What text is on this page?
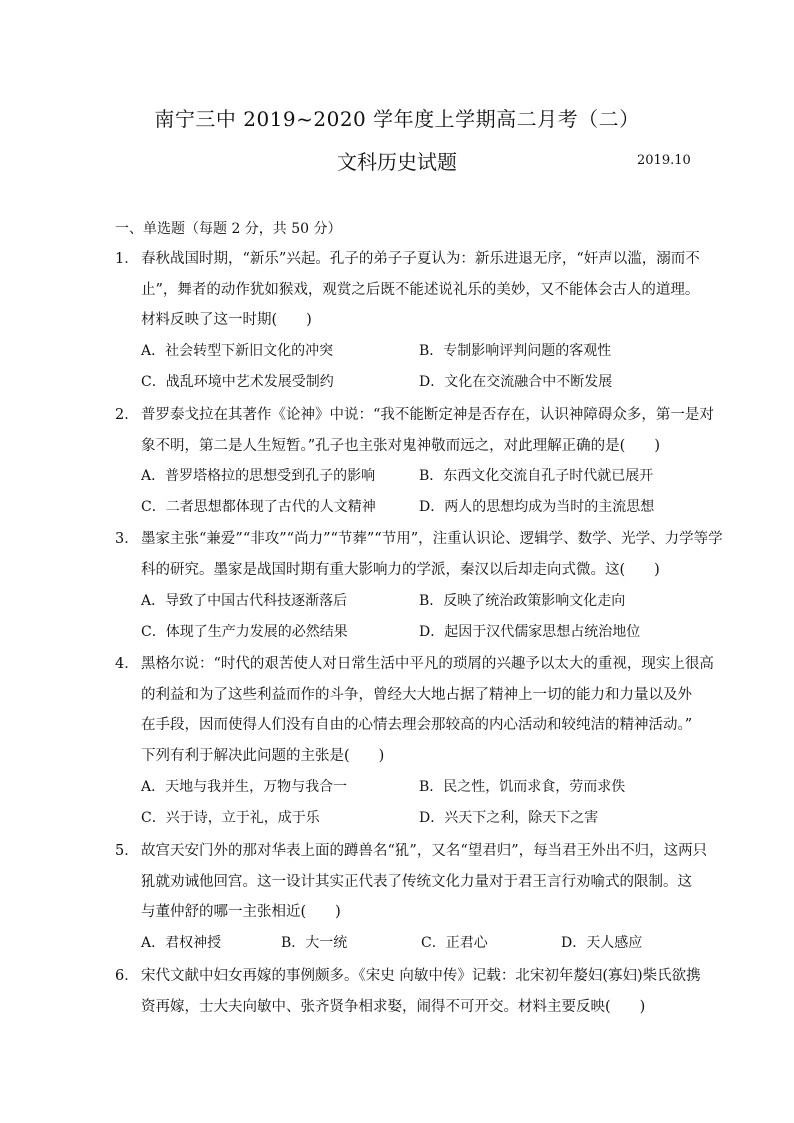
南宁三中 2019~2020 学年度上学期高二月考（二）
文科历史试题	2019.10
一、单选题（每题 2 分，共 50 分）
1． 春秋战国时期，“新乐”兴起。孔子的弟子子夏认为：新乐进退无序，“奸声以滥，溺而不
止”，舞者的动作犹如猴戏，观赏之后既不能述说礼乐的美妙，又不能体会古人的道理。
材料反映了这一时期(　　)
A．社会转型下新旧文化的冲突	B．专制影响评判问题的客观性
C．战乱环境中艺术发展受制约	D．文化在交流融合中不断发展
2． 普罗泰戈拉在其著作《论神》中说：“我不能断定神是否存在，认识神障碍众多，第一是对
象不明，第二是人生短暂。”孔子也主张对鬼神敬而远之，对此理解正确的是(　　)
A．普罗塔格拉的思想受到孔子的影响	B．东西文化交流自孔子时代就已展开
C．二者思想都体现了古代的人文精神	D．两人的思想均成为当时的主流思想
3． 墨家主张“兼爱”“非攻”“尚力”“节葬”“节用”，注重认识论、逻辑学、数学、光学、力学等学
科的研究。墨家是战国时期有重大影响力的学派，秦汉以后却走向式微。这(　　)
A．导致了中国古代科技逐渐落后	B．反映了统治政策影响文化走向
C．体现了生产力发展的必然结果	D．起因于汉代儒家思想占统治地位
4． 黑格尔说：“时代的艰苦使人对日常生活中平凡的琐屑的兴趣予以太大的重视，现实上很高
的利益和为了这些利益而作的斗争，曾经大大地占据了精神上一切的能力和力量以及外
在手段，因而使得人们没有自由的心情去理会那较高的内心活动和较纯洁的精神活动。”
下列有利于解决此问题的主张是(　　)
A．天地与我并生，万物与我合一	B．民之性，饥而求食，劳而求佚
C．兴于诗，立于礼，成于乐	D．兴天下之利，除天下之害
5． 故宫天安门外的那对华表上面的蹲兽名“犼”，又名“望君归”，每当君王外出不归，这两只
犼就劝诫他回宫。这一设计其实正代表了传统文化力量对于君王言行劝喻式的限制。这
与董仲舒的哪一主张相近(　　)
A．君权神授	B．大一统	C．正君心	D．天人感应
6． 宋代文献中妇女再嫁的事例颇多。《宋史 向敏中传》记载：北宋初年嫠妇(寡妇)柴氏欲携
资再嫁，士大夫向敏中、张齐贤争相求娶，闹得不可开交。材料主要反映(　　)
